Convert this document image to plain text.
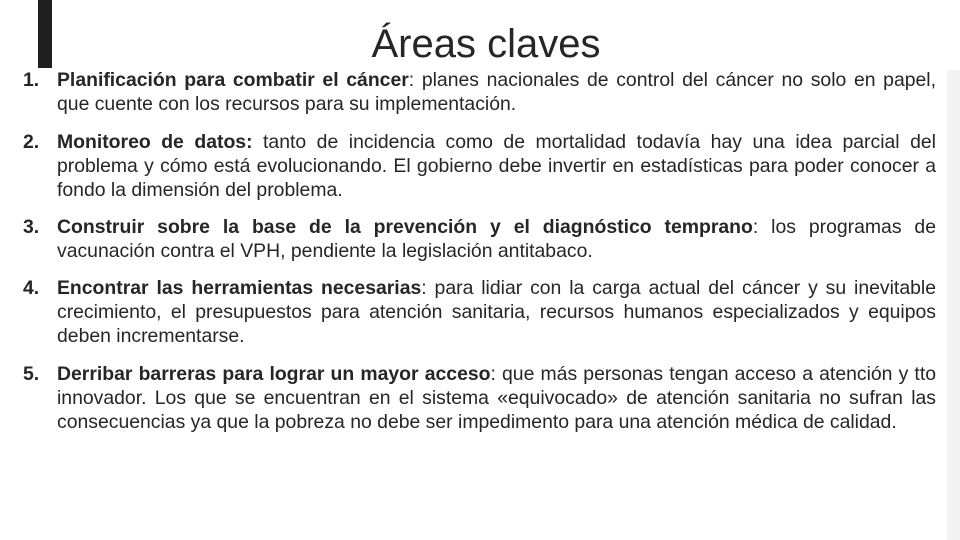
Áreas claves
1. Planificación para combatir el cáncer: planes nacionales de control del cáncer no solo en papel, que cuente con los recursos para su implementación.
2. Monitoreo de datos: tanto de incidencia como de mortalidad todavía hay una idea parcial del problema y cómo está evolucionando. El gobierno debe invertir en estadísticas para poder conocer a fondo la dimensión del problema.
3. Construir sobre la base de la prevención y el diagnóstico temprano: los programas de vacunación contra el VPH, pendiente la legislación antitabaco.
4. Encontrar las herramientas necesarias: para lidiar con la carga actual del cáncer y su inevitable crecimiento, el presupuestos para atención sanitaria, recursos humanos especializados y equipos deben incrementarse.
5. Derribar barreras para lograr un mayor acceso: que más personas tengan acceso a atención y tto innovador. Los que se encuentran en el sistema «equivocado» de atención sanitaria no sufran las consecuencias ya que la pobreza no debe ser impedimento para una atención médica de calidad.
